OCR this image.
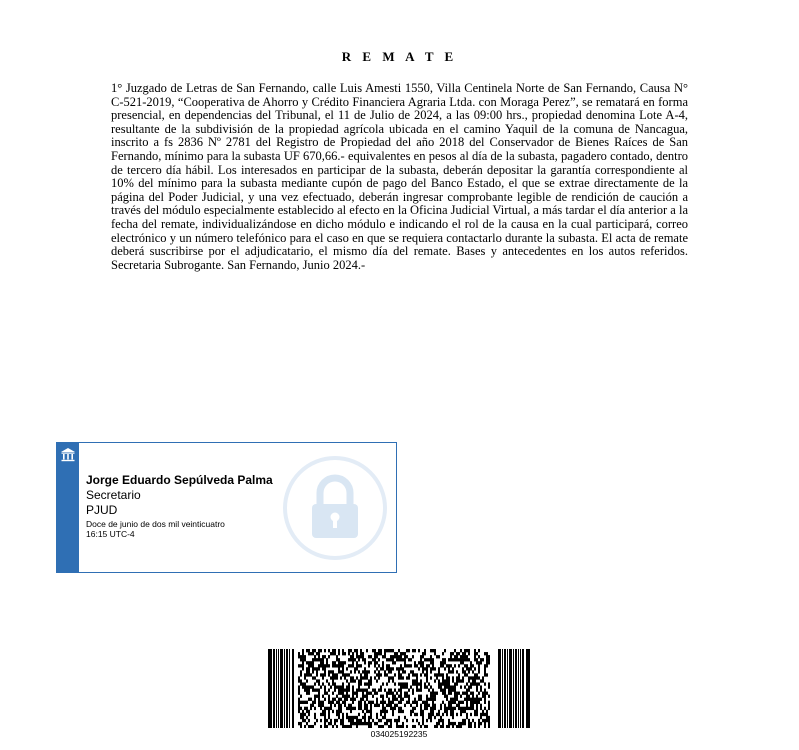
R E M A T E
1° Juzgado de Letras de San Fernando, calle Luis Amesti 1550, Villa Centinela Norte de San Fernando, Causa N° C-521-2019, “Cooperativa de Ahorro y Crédito Financiera Agraria Ltda. con Moraga Perez”, se rematará en forma presencial, en dependencias del Tribunal, el 11 de Julio de 2024, a las 09:00 hrs., propiedad denomina Lote A-4, resultante de la subdivisión de la propiedad agrícola ubicada en el camino Yaquil de la comuna de Nancagua, inscrito a fs 2836 Nº 2781 del Registro de Propiedad del año 2018 del Conservador de Bienes Raíces de San Fernando, mínimo para la subasta UF 670,66.- equivalentes en pesos al día de la subasta, pagadero contado, dentro de tercero día hábil. Los interesados en participar de la subasta, deberán depositar la garantía correspondiente al 10% del mínimo para la subasta mediante cupón de pago del Banco Estado, el que se extrae directamente de la página del Poder Judicial, y una vez efectuado, deberán ingresar comprobante legible de rendición de caución a través del módulo especialmente establecido al efecto en la Oficina Judicial Virtual, a más tardar el día anterior a la fecha del remate, individualizándose en dicho módulo e indicando el rol de la causa en la cual participará, correo electrónico y un número telefónico para el caso en que se requiera contactarlo durante la subasta. El acta de remate deberá suscribirse por el adjudicatario, el mismo día del remate. Bases y antecedentes en los autos referidos. Secretaria Subrogante. San Fernando, Junio 2024.-
Jorge Eduardo Sepúlveda Palma
Secretario
PJUD
Doce de junio de dos mil veinticuatro
16:15 UTC-4
034025192235
